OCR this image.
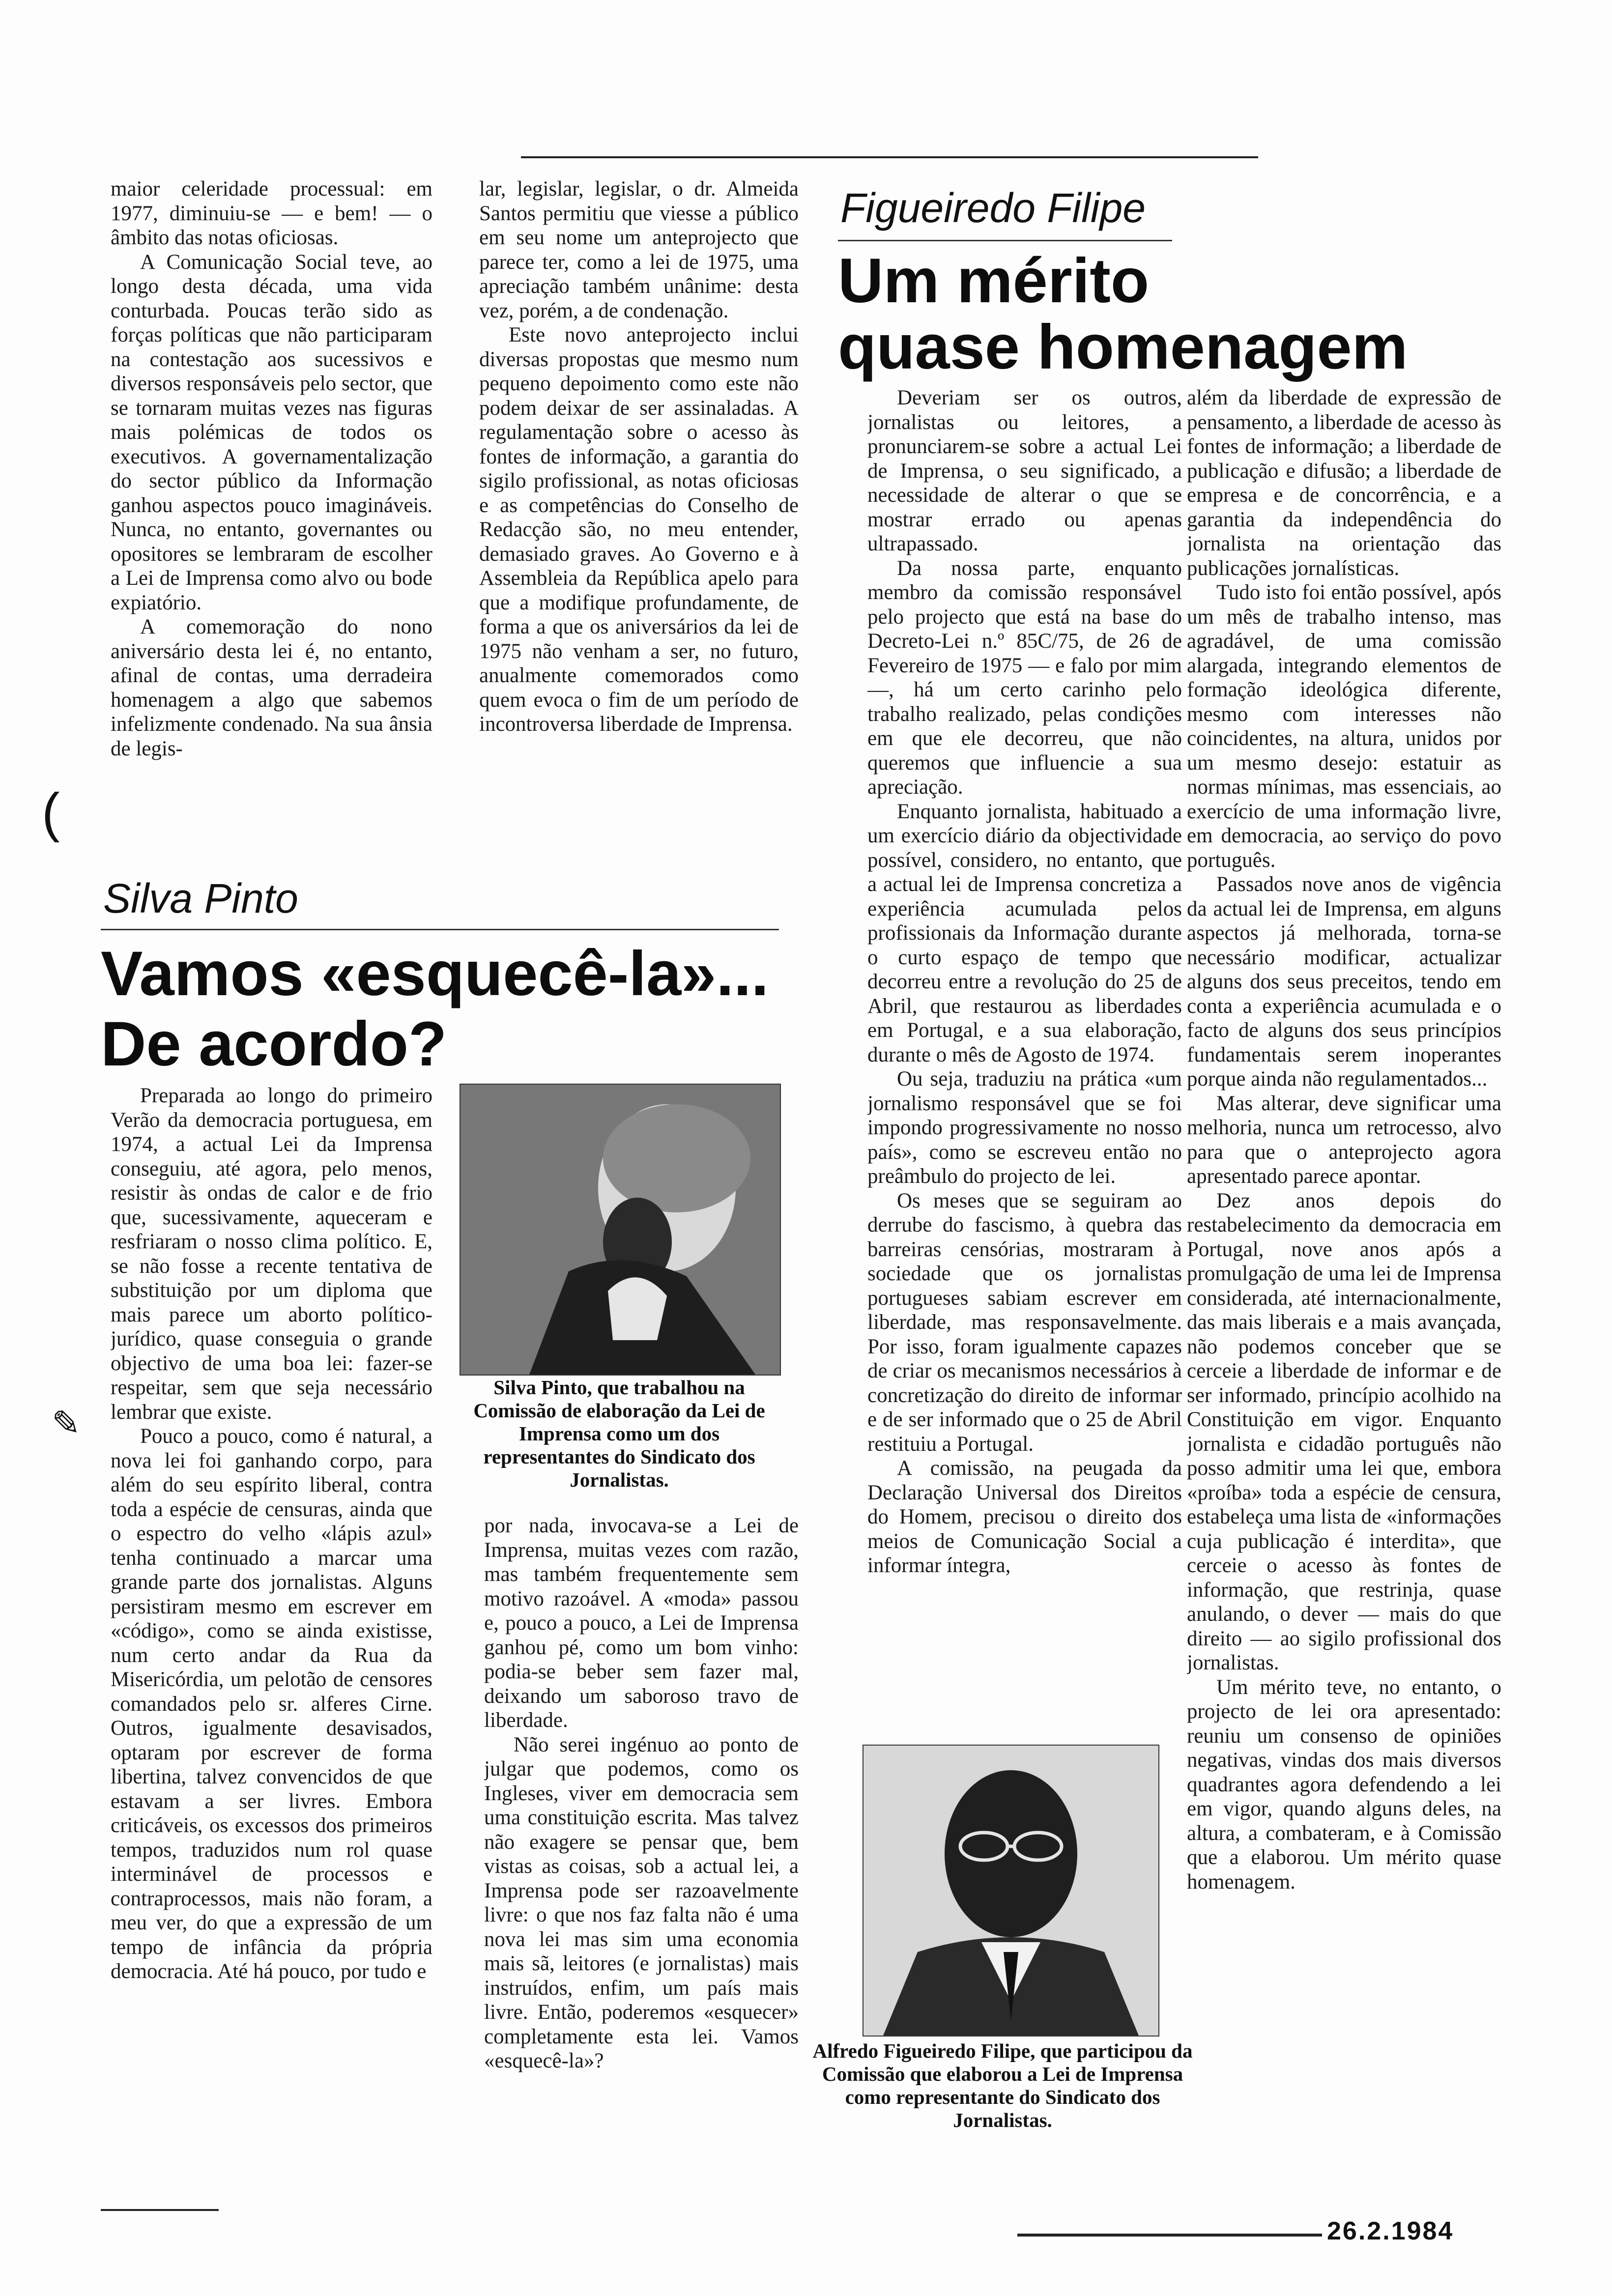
maior celeridade processual: em 1977, diminuiu-se — e bem! — o âmbito das notas oficiosas.

A Comunicação Social teve, ao longo desta década, uma vida conturbada. Poucas terão sido as forças políticas que não participaram na contestação aos sucessivos e diversos responsáveis pelo sector, que se tornaram muitas vezes nas figuras mais polémicas de todos os executivos. A governamentalização do sector público da Informação ganhou aspectos pouco imagináveis. Nunca, no entanto, governantes ou opositores se lembraram de escolher a Lei de Imprensa como alvo ou bode expiatório.

A comemoração do nono aniversário desta lei é, no entanto, afinal de contas, uma derradeira homenagem a algo que sabemos infelizmente condenado. Na sua ânsia de legis-

lar, legislar, legislar, o dr. Almeida Santos permitiu que viesse a público em seu nome um anteprojecto que parece ter, como a lei de 1975, uma apreciação também unânime: desta vez, porém, a de condenação.

Este novo anteprojecto inclui diversas propostas que mesmo num pequeno depoimento como este não podem deixar de ser assinaladas. A regulamentação sobre o acesso às fontes de informação, a garantia do sigilo profissional, as notas oficiosas e as competências do Conselho de Redacção são, no meu entender, demasiado graves. Ao Governo e à Assembleia da República apelo para que a modifique profundamente, de forma a que os aniversários da lei de 1975 não venham a ser, no futuro, anualmente comemorados como quem evoca o fim de um período de incontroversa liberdade de Imprensa.

Silva Pinto
Vamos «esquecê-la»...
De acordo?

Preparada ao longo do primeiro Verão da democracia portuguesa, em 1974, a actual Lei da Imprensa conseguiu, até agora, pelo menos, resistir às ondas de calor e de frio que, sucessivamente, aqueceram e resfriaram o nosso clima político. E, se não fosse a recente tentativa de substituição por um diploma que mais parece um aborto político-jurídico, quase conseguia o grande objectivo de uma boa lei: fazer-se respeitar, sem que seja necessário lembrar que existe.

Pouco a pouco, como é natural, a nova lei foi ganhando corpo, para além do seu espírito liberal, contra toda a espécie de censuras, ainda que o espectro do velho «lápis azul» tenha continuado a marcar uma grande parte dos jornalistas. Alguns persistiram mesmo em escrever em «código», como se ainda existisse, num certo andar da Rua da Misericórdia, um pelotão de censores comandados pelo sr. alferes Cirne. Outros, igualmente desavisados, optaram por escrever de forma libertina, talvez convencidos de que estavam a ser livres. Embora criticáveis, os excessos dos primeiros tempos, traduzidos num rol quase interminável de processos e contraprocessos, mais não foram, a meu ver, do que a expressão de um tempo de infância da própria democracia. Até há pouco, por tudo e

Silva Pinto, que trabalhou na Comissão de elaboração da Lei de Imprensa como um dos representantes do Sindicato dos Jornalistas.

por nada, invocava-se a Lei de Imprensa, muitas vezes com razão, mas também frequentemente sem motivo razoável. A «moda» passou e, pouco a pouco, a Lei de Imprensa ganhou pé, como um bom vinho: podia-se beber sem fazer mal, deixando um saboroso travo de liberdade.

Não serei ingénuo ao ponto de julgar que podemos, como os Ingleses, viver em democracia sem uma constituição escrita. Mas talvez não exagere se pensar que, bem vistas as coisas, sob a actual lei, a Imprensa pode ser razoavelmente livre: o que nos faz falta não é uma nova lei mas sim uma economia mais sã, leitores (e jornalistas) mais instruídos, enfim, um país mais livre. Então, poderemos «esquecer» completamente esta lei. Vamos «esquecê-la»?

Figueiredo Filipe
Um mérito
quase homenagem

Deveriam ser os outros, jornalistas ou leitores, a pronunciarem-se sobre a actual Lei de Imprensa, o seu significado, a necessidade de alterar o que se mostrar errado ou apenas ultrapassado.

Da nossa parte, enquanto membro da comissão responsável pelo projecto que está na base do Decreto-Lei n.º 85C/75, de 26 de Fevereiro de 1975 — e falo por mim —, há um certo carinho pelo trabalho realizado, pelas condições em que ele decorreu, que não queremos que influencie a sua apreciação.

Enquanto jornalista, habituado a um exercício diário da objectividade possível, considero, no entanto, que a actual lei de Imprensa concretiza a experiência acumulada pelos profissionais da Informação durante o curto espaço de tempo que decorreu entre a revolução do 25 de Abril, que restaurou as liberdades em Portugal, e a sua elaboração, durante o mês de Agosto de 1974.

Ou seja, traduziu na prática «um jornalismo responsável que se foi impondo progressivamente no nosso país», como se escreveu então no preâmbulo do projecto de lei.

Os meses que se seguiram ao derrube do fascismo, à quebra das barreiras censórias, mostraram à sociedade que os jornalistas portugueses sabiam escrever em liberdade, mas responsavelmente. Por isso, foram igualmente capazes de criar os mecanismos necessários à concretização do direito de informar e de ser informado que o 25 de Abril restituiu a Portugal.

A comissão, na peugada da Declaração Universal dos Direitos do Homem, precisou o direito dos meios de Comunicação Social a informar íntegra,

Alfredo Figueiredo Filipe, que participou da Comissão que elaborou a Lei de Imprensa como representante do Sindicato dos Jornalistas.

além da liberdade de expressão de pensamento, a liberdade de acesso às fontes de informação; a liberdade de publicação e difusão; a liberdade de empresa e de concorrência, e a garantia da independência do jornalista na orientação das publicações jornalísticas.

Tudo isto foi então possível, após um mês de trabalho intenso, mas agradável, de uma comissão alargada, integrando elementos de formação ideológica diferente, mesmo com interesses não coincidentes, na altura, unidos por um mesmo desejo: estatuir as normas mínimas, mas essenciais, ao exercício de uma informação livre, em democracia, ao serviço do povo português.

Passados nove anos de vigência da actual lei de Imprensa, em alguns aspectos já melhorada, torna-se necessário modificar, actualizar alguns dos seus preceitos, tendo em conta a experiência acumulada e o facto de alguns dos seus princípios fundamentais serem inoperantes porque ainda não regulamentados...

Mas alterar, deve significar uma melhoria, nunca um retrocesso, alvo para que o anteprojecto agora apresentado parece apontar.

Dez anos depois do restabelecimento da democracia em Portugal, nove anos após a promulgação de uma lei de Imprensa considerada, até internacionalmente, das mais liberais e a mais avançada, não podemos conceber que se cerceie a liberdade de informar e de ser informado, princípio acolhido na Constituição em vigor. Enquanto jornalista e cidadão português não posso admitir uma lei que, embora «proíba» toda a espécie de censura, estabeleça uma lista de «informações cuja publicação é interdita», que cerceie o acesso às fontes de informação, que restrinja, quase anulando, o dever — mais do que direito — ao sigilo profissional dos jornalistas.

Um mérito teve, no entanto, o projecto de lei ora apresentado: reuniu um consenso de opiniões negativas, vindas dos mais diversos quadrantes agora defendendo a lei em vigor, quando alguns deles, na altura, a combateram, e à Comissão que a elaborou. Um mérito quase homenagem.

26.2.1984
(
✎
